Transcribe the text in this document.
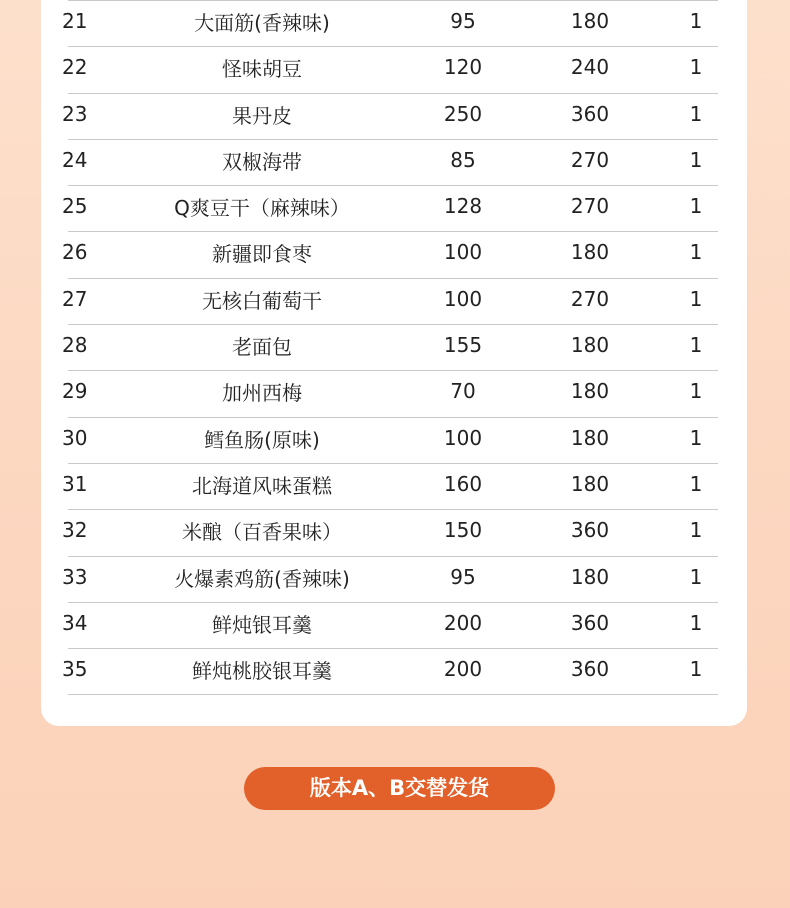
21	大面筋(香辣味)	95	180	1
22	怪味胡豆	120	240	1
23	果丹皮	250	360	1
24	双椒海带	85	270	1
25	Q爽豆干（麻辣味）	128	270	1
26	新疆即食枣	100	180	1
27	无核白葡萄干	100	270	1
28	老面包	155	180	1
29	加州西梅	70	180	1
30	鳕鱼肠(原味)	100	180	1
31	北海道风味蛋糕	160	180	1
32	米酿（百香果味）	150	360	1
33	火爆素鸡筋(香辣味)	95	180	1
34	鲜炖银耳羹	200	360	1
35	鲜炖桃胶银耳羹	200	360	1
版本A、B交替发货
